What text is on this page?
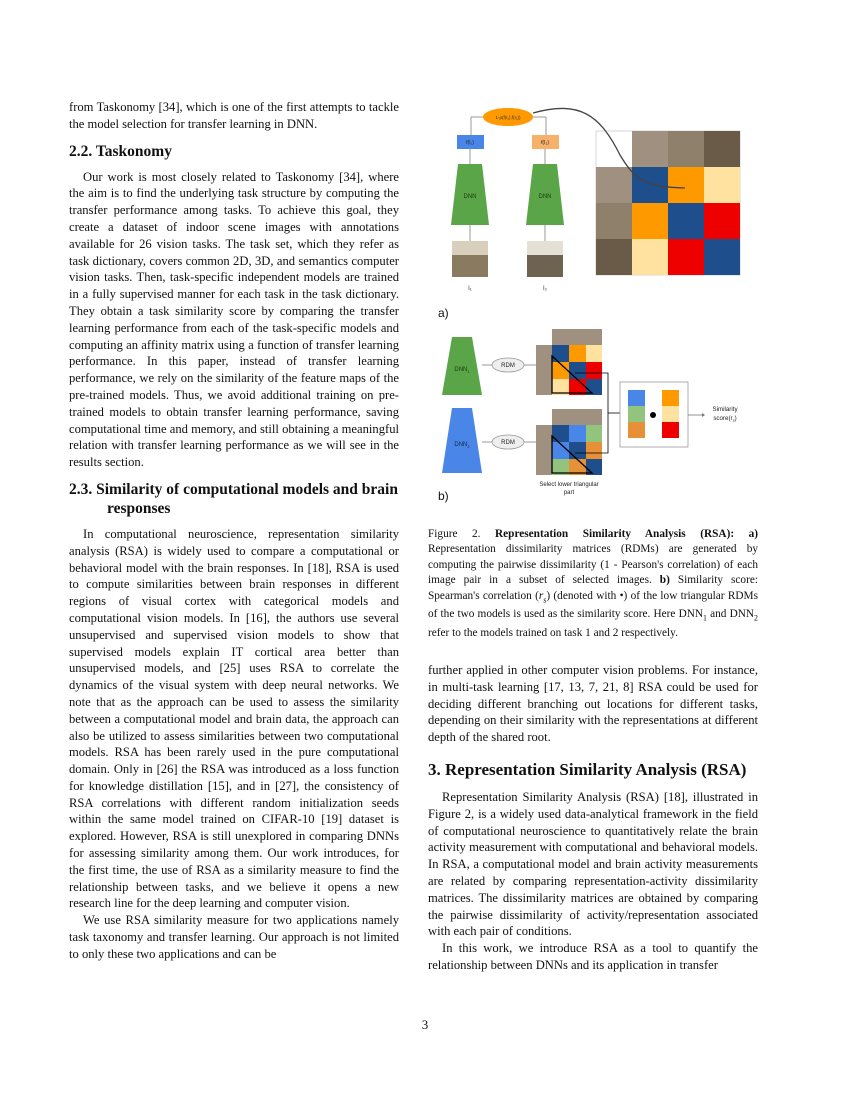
from Taskonomy [34], which is one of the first attempts to tackle the model selection for transfer learning in DNN.

2.2. Taskonomy

Our work is most closely related to Taskonomy [34], where the aim is to find the underlying task structure by computing the transfer performance among tasks. To achieve this goal, they create a dataset of indoor scene images with annotations available for 26 vision tasks. The task set, which they refer as task dictionary, covers common 2D, 3D, and semantics computer vision tasks. Then, task-specific independent models are trained in a fully supervised manner for each task in the task dictionary. They obtain a task similarity score by comparing the transfer learning performance from each of the task-specific models and computing an affinity matrix using a function of transfer learning performance. In this paper, instead of transfer learning performance, we rely on the similarity of the feature maps of the pre-trained models. Thus, we avoid additional training on pre-trained models to obtain transfer learning performance, saving computational time and memory, and still obtaining a meaningful relation with transfer learning performance as we will see in the results section.

2.3. Similarity of computational models and brain
responses

In computational neuroscience, representation similarity analysis (RSA) is widely used to compare a computational or behavioral model with the brain responses. In [18], RSA is used to compute similarities between brain responses in different regions of visual cortex with categorical models and computational vision models. In [16], the authors use several unsupervised and supervised vision models to show that supervised models explain IT cortical area better than unsupervised models, and [25] uses RSA to correlate the dynamics of the visual system with deep neural networks. We note that as the approach can be used to assess the similarity between a computational model and brain data, the approach can also be utilized to assess similarities between two computational models. RSA has been rarely used in the pure computational domain. Only in [26] the RSA was introduced as a loss function for knowledge distillation [15], and in [27], the consistency of RSA correlations with different random initialization seeds within the same model trained on CIFAR-10 [19] dataset is explored. However, RSA is still unexplored in comparing DNNs for assessing similarity among them. Our work introduces, for the first time, the use of RSA as a similarity measure to find the relationship between tasks, and we believe it opens a new research line for the deep learning and computer vision.

We use RSA similarity measure for two applications namely task taxonomy and transfer learning. Our approach is not limited to only these two applications and can be

1-ρ(f(I₁),f(I₂))
f(I₁)	f(I₂)
DNN	DNN
I₁	I₂
a)
$DNN_1$
$DNN_2$
RDM
RDM
Select lower triangular
part
Similarity
$score(r_s)$
b)
Figure 2. Representation Similarity Analysis (RSA): a) Representation dissimilarity matrices (RDMs) are generated by computing the pairwise dissimilarity (1 - Pearson's correlation) of each image pair in a subset of selected images. b) Similarity score: Spearman's correlation $(r_s)$ (denoted with •) of the low triangular RDMs of the two models is used as the similarity score. Here $DNN_1$ and $DNN_2$ refer to the models trained on task 1 and 2 respectively.

further applied in other computer vision problems. For instance, in multi-task learning [17, 13, 7, 21, 8] RSA could be used for deciding different branching out locations for different tasks, depending on their similarity with the representations at different depth of the shared root.

3. Representation Similarity Analysis (RSA)

Representation Similarity Analysis (RSA) [18], illustrated in Figure 2, is a widely used data-analytical framework in the field of computational neuroscience to quantitatively relate the brain activity measurement with computational and behavioral models. In RSA, a computational model and brain activity measurements are related by comparing representation-activity dissimilarity matrices. The dissimilarity matrices are obtained by comparing the pairwise dissimilarity of activity/representation associated with each pair of conditions.

In this work, we introduce RSA as a tool to quantify the relationship between DNNs and its application in transfer

3
